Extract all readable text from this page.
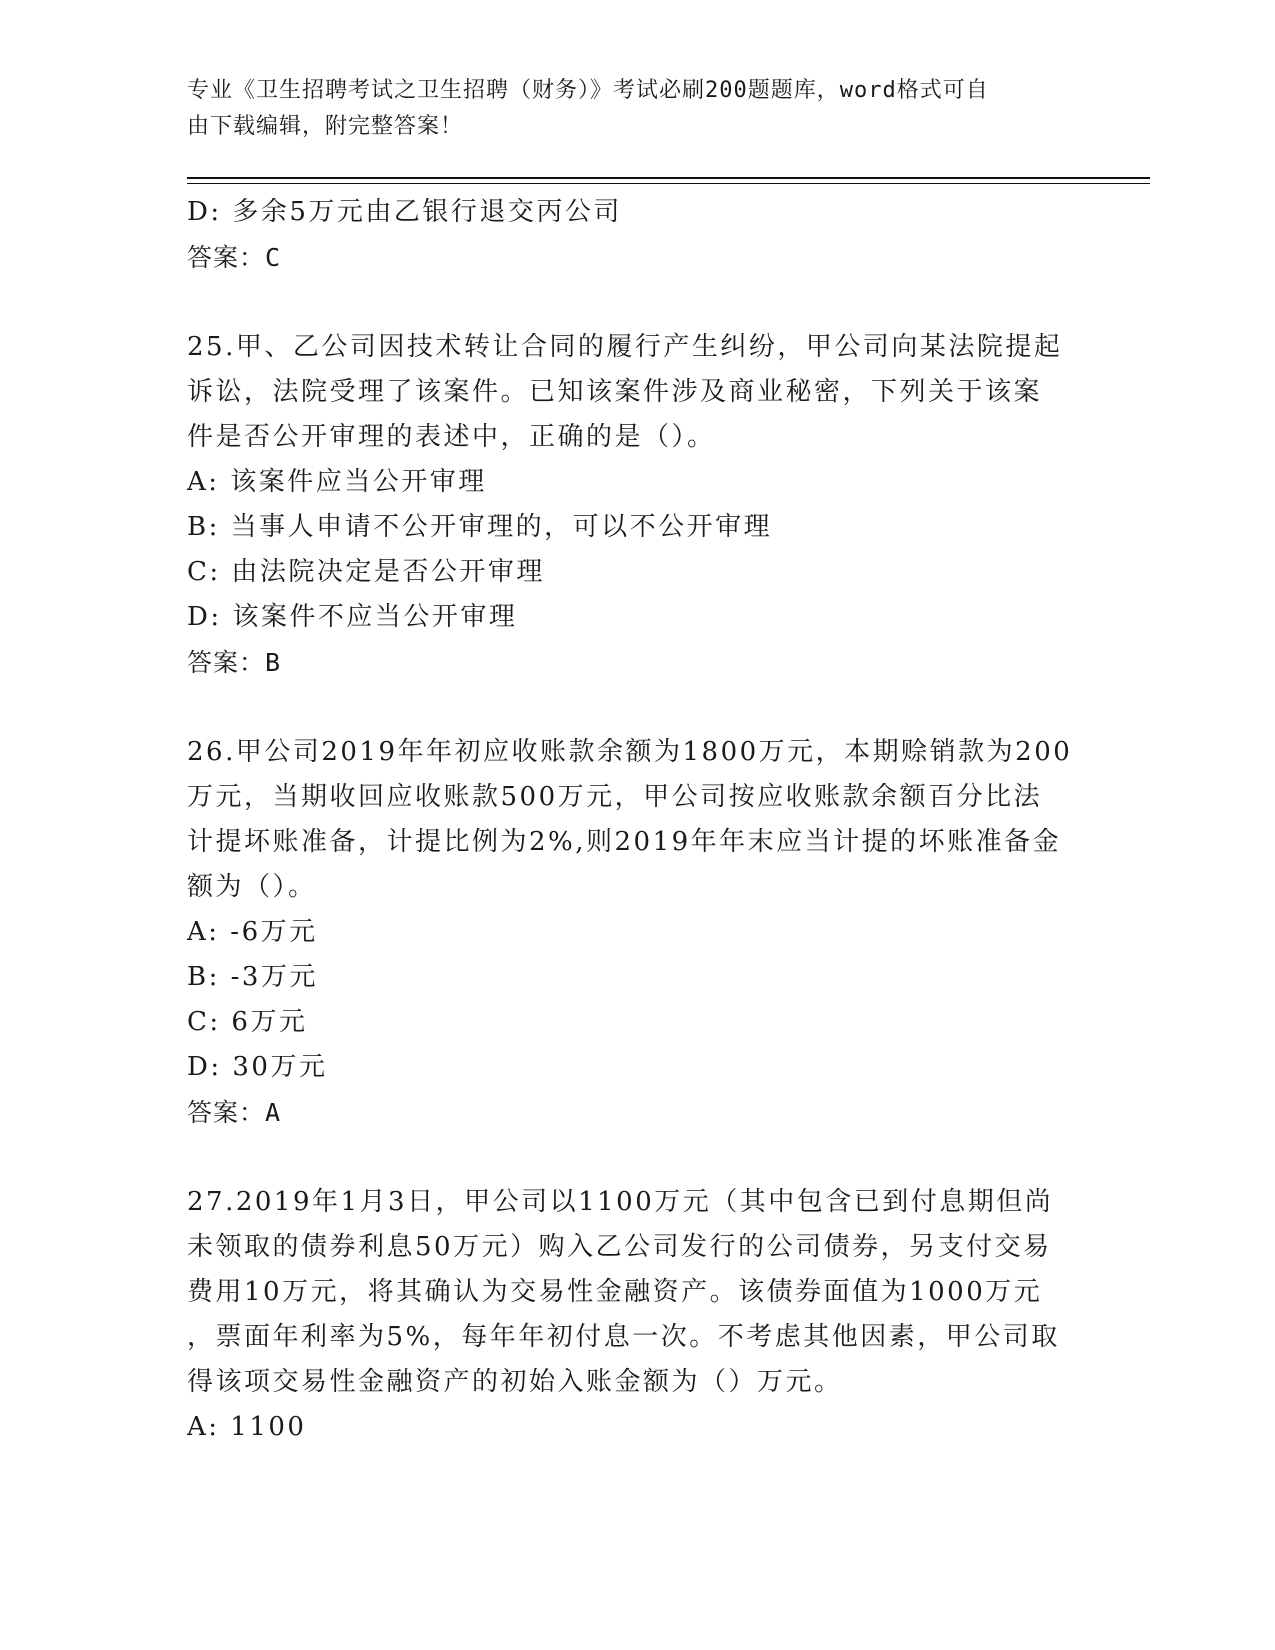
专业《卫生招聘考试之卫生招聘（财务）》考试必刷200题题库，word格式可自
由下载编辑，附完整答案！
D: 多余5万元由乙银行退交丙公司
答案：C
25.甲、乙公司因技术转让合同的履行产生纠纷，甲公司向某法院提起
诉讼，法院受理了该案件。已知该案件涉及商业秘密，下列关于该案
件是否公开审理的表述中，正确的是（）。
A: 该案件应当公开审理
B: 当事人申请不公开审理的，可以不公开审理
C: 由法院决定是否公开审理
D: 该案件不应当公开审理
答案：B
26.甲公司2019年年初应收账款余额为1800万元，本期赊销款为200
万元，当期收回应收账款500万元，甲公司按应收账款余额百分比法
计提坏账准备，计提比例为2%,则2019年年末应当计提的坏账准备金
额为（）。
A: -6万元
B: -3万元
C: 6万元
D: 30万元
答案：A
27.2019年1月3日，甲公司以1100万元（其中包含已到付息期但尚
未领取的债券利息50万元）购入乙公司发行的公司债券，另支付交易
费用10万元，将其确认为交易性金融资产。该债券面值为1000万元
，票面年利率为5%，每年年初付息一次。不考虑其他因素，甲公司取
得该项交易性金融资产的初始入账金额为（）万元。
A: 1100
